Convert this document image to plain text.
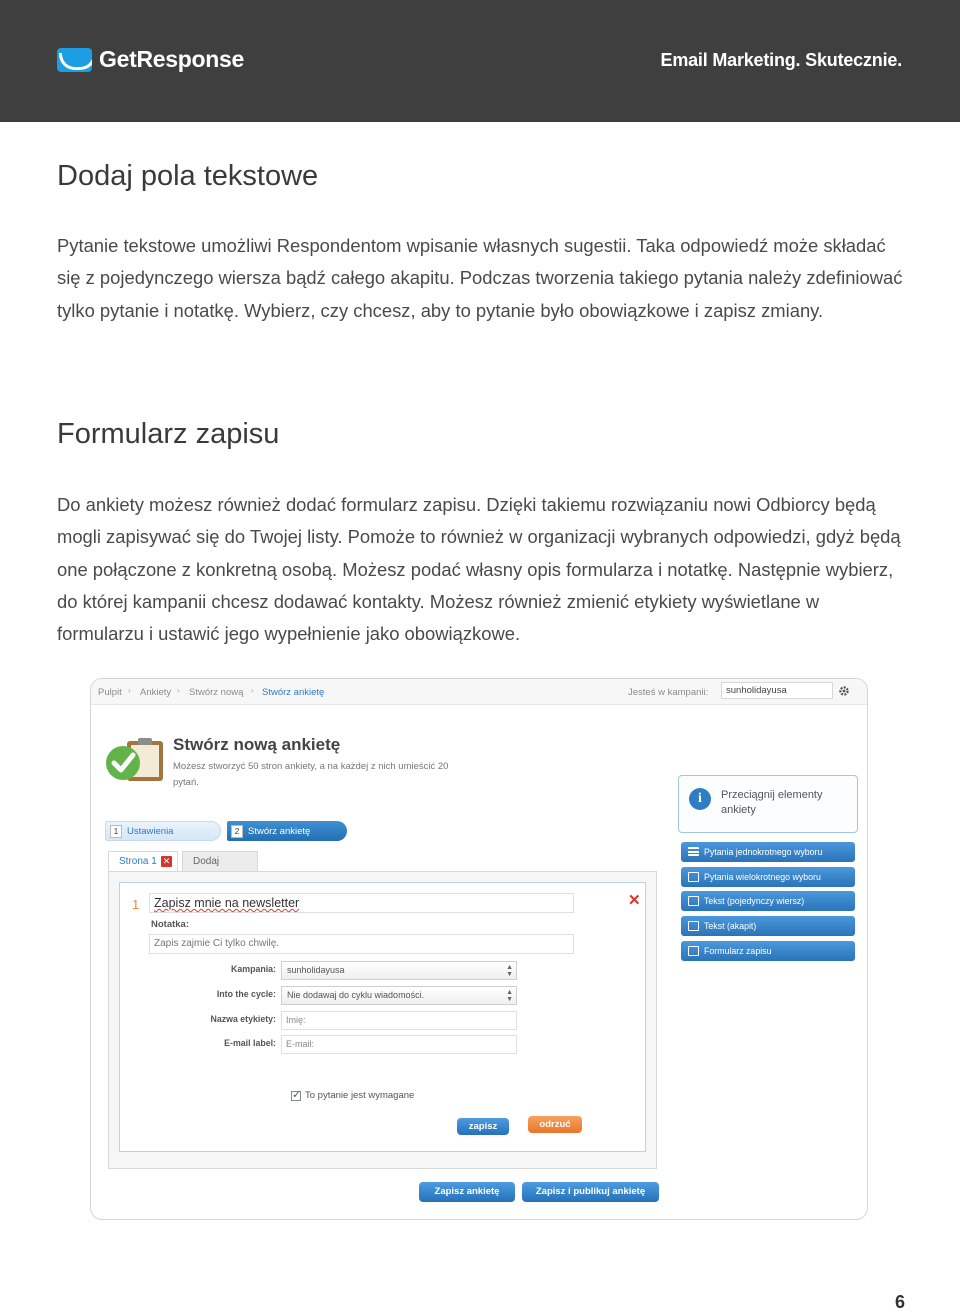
GetResponse	Email Marketing. Skutecznie.
Dodaj pola tekstowe

Pytanie tekstowe umożliwi Respondentom wpisanie własnych sugestii. Taka odpowiedź może składać się z pojedynczego wiersza bądź całego akapitu. Podczas tworzenia takiego pytania należy zdefiniować tylko pytanie i notatkę. Wybierz, czy chcesz, aby to pytanie było obowiązkowe i zapisz zmiany.

Formularz zapisu

Do ankiety możesz również dodać formularz zapisu. Dzięki takiemu rozwiązaniu nowi Odbiorcy będą mogli zapisywać się do Twojej listy. Pomoże to również w organizacji wybranych odpowiedzi, gdyż będą one połączone z konkretną osobą. Możesz podać własny opis formularza i notatkę. Następnie wybierz, do której kampanii chcesz dodawać kontakty. Możesz również zmienić etykiety wyświetlane w formularzu i ustawić jego wypełnienie jako obowiązkowe.

Pulpit › Ankiety › Stwórz nową › Stwórz ankietę	Jesteś w kampanii:	sunholidayusa
Stwórz nową ankietę
Możesz stworzyć 50 stron ankiety, a na każdej z nich umieścić 20 pytań.
i	Przeciągnij elementy ankiety
1 Ustawienia	2 Stwórz ankietę
Strona 1 ✕	Dodaj
1	Zapisz mnie na newsletter	✕
Notatka:
Zapis zajmie Ci tylko chwilę.
Kampania:	sunholidayusa	▲
▼
Into the cycle:	Nie dodawaj do cyklu wiadomości.	▲
▼
Nazwa etykiety:	Imię:
E-mail label:	E-mail:
✓
To pytanie jest wymagane
zapisz	odrzuć
Pytania jednokrotnego wyboru
Pytania wielokrotnego wyboru
Tekst (pojedynczy wiersz)
Tekst (akapit)
Formularz zapisu
Zapisz ankietę	Zapisz i publikuj ankietę
6
